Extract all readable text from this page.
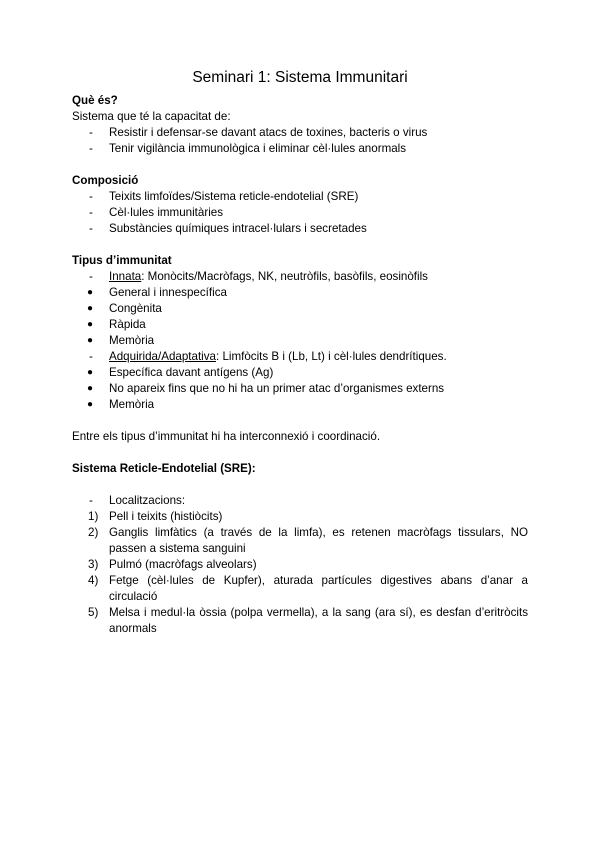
Seminari 1: Sistema Immunitari
Què és?
Sistema que té la capacitat de:
-	Resistir i defensar-se davant atacs de toxines, bacteris o virus
-	Tenir vigilància immunològica i eliminar cèl·lules anormals
Composició
-	Teixits limfoïdes/Sistema reticle-endotelial (SRE)
-	Cèl·lules immunitàries
-	Substàncies químiques intracel·lulars i secretades
Tipus d’immunitat
-	Innata: Monòcits/Macròfags, NK, neutròfils, basòfils, eosinòfils
●	General i innespecífica
●	Congènita
●	Ràpida
●	Memòria
-	Adquirida/Adaptativa: Limfòcits B i (Lb, Lt) i cèl·lules dendrítiques.
●	Específica davant antígens (Ag)
●	No apareix fins que no hi ha un primer atac d’organismes externs
●	Memòria
Entre els tipus d’immunitat hi ha interconnexió i coordinació.
Sistema Reticle-Endotelial (SRE):
-	Localitzacions:
1) Pell i teixits (histiòcits)
2) Ganglis limfàtics (a través de la limfa), es retenen macròfags tissulars, NO passen a sistema sanguini
3) Pulmó (macròfags alveolars)
4) Fetge (cèl·lules de Kupfer), aturada partícules digestives abans d’anar a circulació
5) Melsa i medul·la òssia (polpa vermella), a la sang (ara sí), es desfan d’eritròcits anormals
